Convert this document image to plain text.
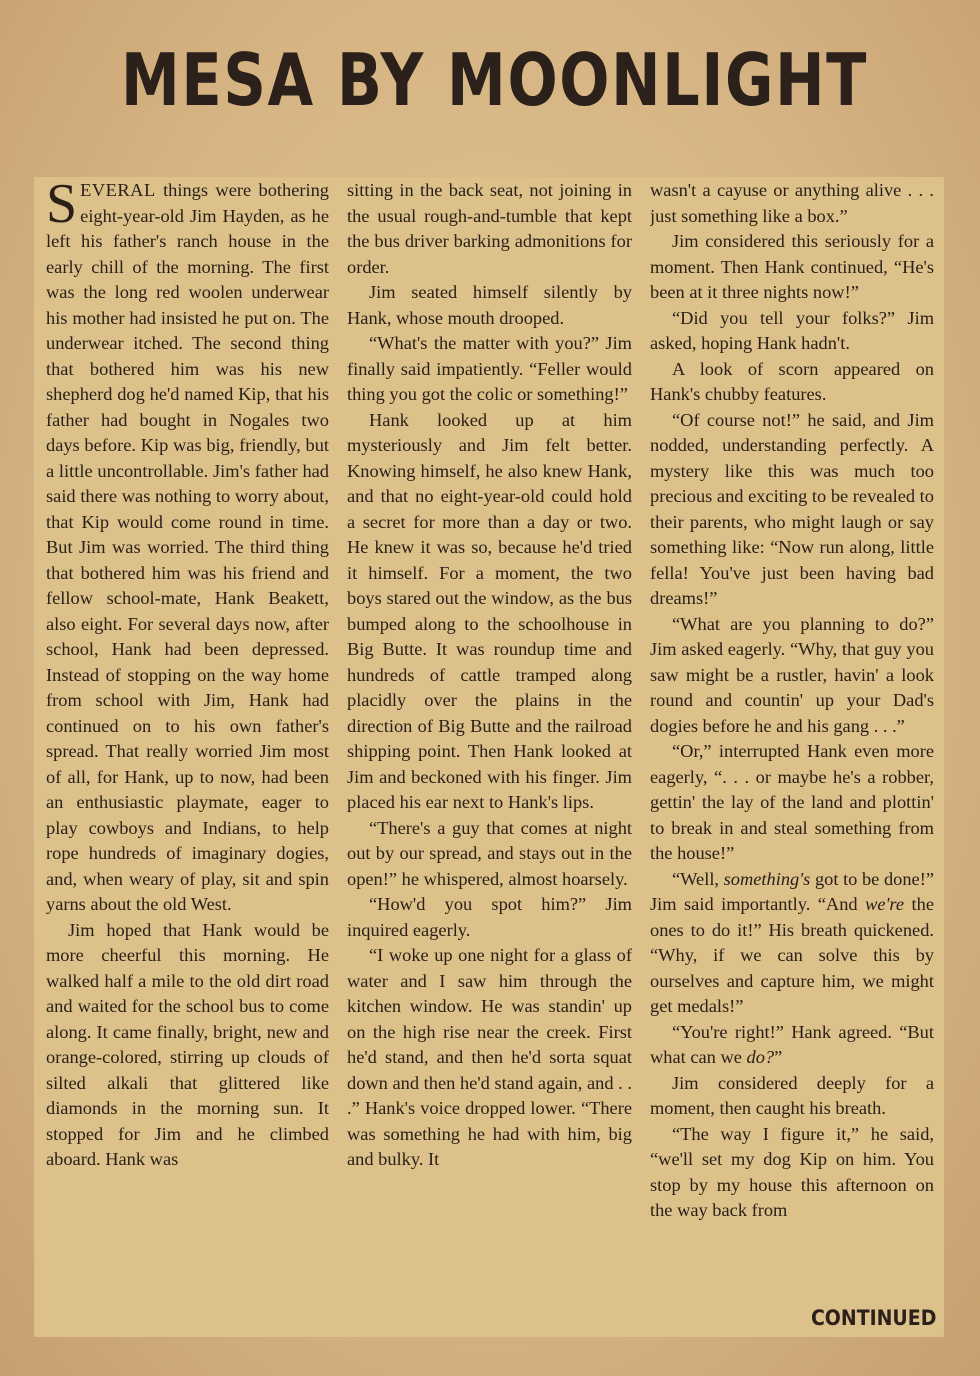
MESA BY MOONLIGHT

SEVERAL things were bothering eight-year-old Jim Hayden, as he left his father's ranch house in the early chill of the morning. The first was the long red woolen underwear his mother had insisted he put on. The underwear itched. The second thing that bothered him was his new shepherd dog he'd named Kip, that his father had bought in Nogales two days before. Kip was big, friendly, but a little uncontrollable. Jim's father had said there was nothing to worry about, that Kip would come round in time. But Jim was worried. The third thing that bothered him was his friend and fellow school-mate, Hank Beakett, also eight. For several days now, after school, Hank had been depressed. Instead of stopping on the way home from school with Jim, Hank had continued on to his own father's spread. That really worried Jim most of all, for Hank, up to now, had been an enthusiastic playmate, eager to play cowboys and Indians, to help rope hundreds of imaginary dogies, and, when weary of play, sit and spin yarns about the old West.

Jim hoped that Hank would be more cheerful this morning. He walked half a mile to the old dirt road and waited for the school bus to come along. It came finally, bright, new and orange-colored, stirring up clouds of silted alkali that glittered like diamonds in the morning sun. It stopped for Jim and he climbed aboard. Hank was

sitting in the back seat, not joining in the usual rough-and-tumble that kept the bus driver barking admonitions for order.

Jim seated himself silently by Hank, whose mouth drooped.

“What's the matter with you?” Jim finally said impatiently. “Feller would thing you got the colic or something!”

Hank looked up at him mysteriously and Jim felt better. Knowing himself, he also knew Hank, and that no eight-year-old could hold a secret for more than a day or two. He knew it was so, because he'd tried it himself. For a moment, the two boys stared out the window, as the bus bumped along to the schoolhouse in Big Butte. It was roundup time and hundreds of cattle tramped along placidly over the plains in the direction of Big Butte and the railroad shipping point. Then Hank looked at Jim and beckoned with his finger. Jim placed his ear next to Hank's lips.

“There's a guy that comes at night out by our spread, and stays out in the open!” he whispered, almost hoarsely.

“How'd you spot him?” Jim inquired eagerly.

“I woke up one night for a glass of water and I saw him through the kitchen window. He was standin' up on the high rise near the creek. First he'd stand, and then he'd sorta squat down and then he'd stand again, and . . .” Hank's voice dropped lower. “There was something he had with him, big and bulky. It

wasn't a cayuse or anything alive . . . just something like a box.”

Jim considered this seriously for a moment. Then Hank continued, “He's been at it three nights now!”

“Did you tell your folks?” Jim asked, hoping Hank hadn't.

A look of scorn appeared on Hank's chubby features.

“Of course not!” he said, and Jim nodded, understanding perfectly. A mystery like this was much too precious and exciting to be revealed to their parents, who might laugh or say something like: “Now run along, little fella! You've just been having bad dreams!”

“What are you planning to do?” Jim asked eagerly. “Why, that guy you saw might be a rustler, havin' a look round and countin' up your Dad's dogies before he and his gang . . .”

“Or,” interrupted Hank even more eagerly, “. . . or maybe he's a robber, gettin' the lay of the land and plottin' to break in and steal something from the house!”

“Well, something's got to be done!” Jim said importantly. “And we're the ones to do it!” His breath quickened. “Why, if we can solve this by ourselves and capture him, we might get medals!”

“You're right!” Hank agreed. “But what can we do?”

Jim considered deeply for a moment, then caught his breath.

“The way I figure it,” he said, “we'll set my dog Kip on him. You stop by my house this afternoon on the way back from

CONTINUED
